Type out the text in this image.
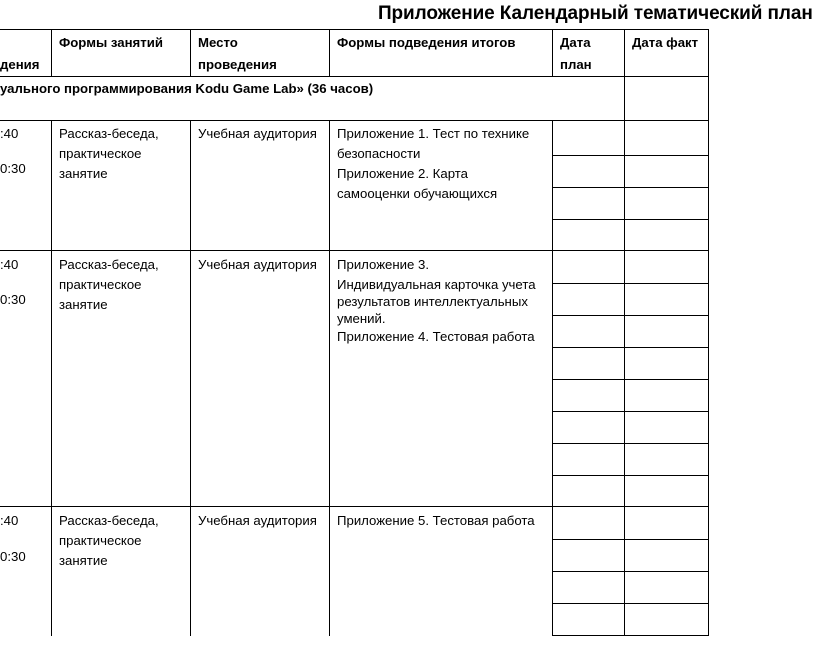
Приложение Календарный тематический план
дения
Формы занятий	Место
проведения
Формы подведения итогов	Дата
план
Дата факт
уального программирования Kodu Game Lab» (36 часов)
:40
0:30
Рассказ-беседа,
практическое
занятие
Учебная аудитория Приложение 1. Тест по технике
безопасности
Приложение 2. Карта
самооценки обучающихся
:40
0:30
Рассказ-беседа,
практическое
занятие
Учебная аудитория Приложение 3.
Индивидуальная карточка учета
результатов интеллектуальных
умений.
Приложение 4. Тестовая работа
:40
0:30
Рассказ-беседа,
практическое
занятие
Учебная аудитория Приложение 5. Тестовая работа
